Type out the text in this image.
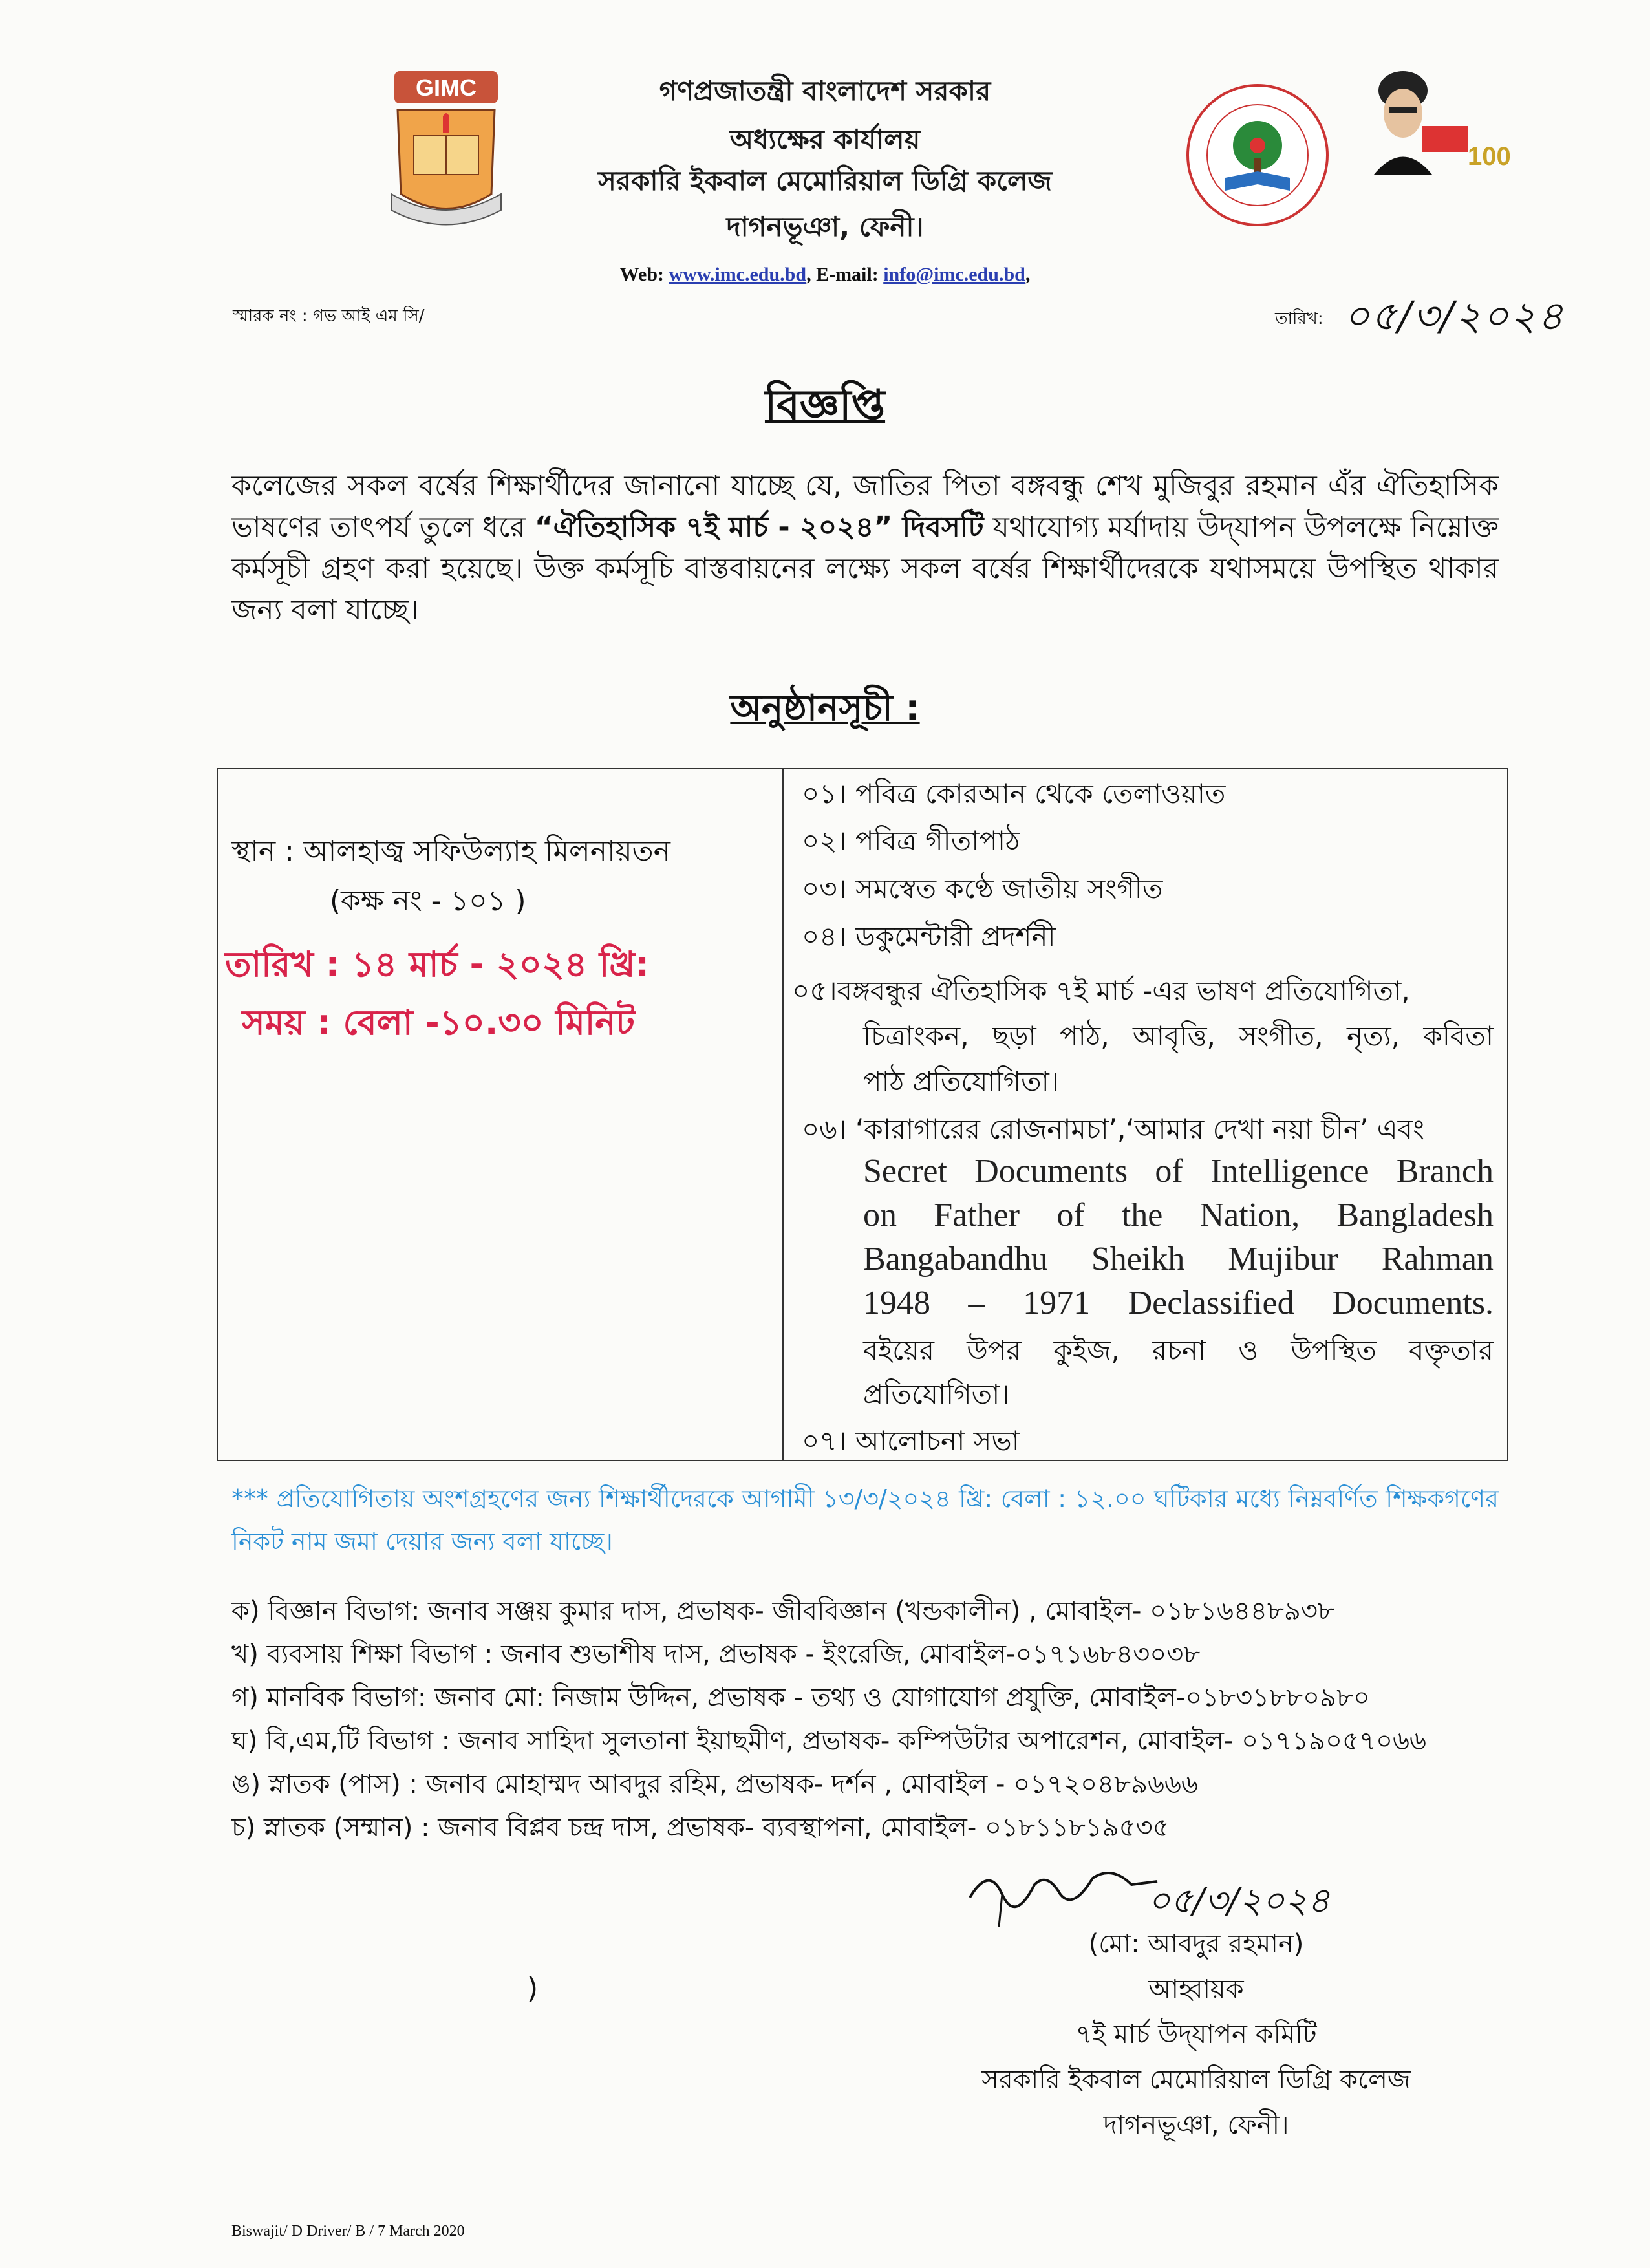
GIMC
100
গণপ্রজাতন্ত্রী বাংলাদেশ সরকার
অধ্যক্ষের কার্যালয়
সরকারি ইকবাল মেমোরিয়াল ডিগ্রি কলেজ
দাগনভূঞা, ফেনী।
Web: www.imc.edu.bd, E-mail: info@imc.edu.bd,
স্মারক নং : গভ আই এম সি/	তারিখ: ০৫/৩/২০২৪
বিজ্ঞপ্তি
কলেজের সকল বর্ষের শিক্ষার্থীদের জানানো যাচ্ছে যে, জাতির পিতা বঙ্গবন্ধু শেখ মুজিবুর রহমান এঁর ঐতিহাসিক ভাষণের তাৎপর্য তুলে ধরে “ঐতিহাসিক ৭ই মার্চ - ২০২৪” দিবসটি যথাযোগ্য মর্যাদায় উদ্‌যাপন উপলক্ষে নিম্নোক্ত কর্মসূচী গ্রহণ করা হয়েছে। উক্ত কর্মসূচি বাস্তবায়নের লক্ষ্যে সকল বর্ষের শিক্ষার্থীদেরকে যথাসময়ে উপস্থিত থাকার জন্য বলা যাচ্ছে।
অনুষ্ঠানসূচী :
স্থান : আলহাজ্ব সফিউল্যাহ মিলনায়তন
(কক্ষ নং - ১০১ )
তারিখ : ১৪ মার্চ - ২০২৪ খ্রি:
সময় : বেলা -১০.৩০ মিনিট
০১। পবিত্র কোরআন থেকে তেলাওয়াত
০২। পবিত্র গীতাপাঠ
০৩। সমস্বেত কণ্ঠে জাতীয় সংগীত
০৪। ডকুমেন্টারী প্রদর্শনী
০৫।বঙ্গবন্ধুর ঐতিহাসিক ৭ই মার্চ -এর ভাষণ প্রতিযোগিতা,
চিত্রাংকন, ছড়া পাঠ, আবৃত্তি, সংগীত, নৃত্য, কবিতা
পাঠ প্রতিযোগিতা।
০৬। ‘কারাগারের রোজনামচা’,‘আমার দেখা নয়া চীন’ এবং
Secret Documents of Intelligence Branch
on Father of the Nation, Bangladesh
Bangabandhu Sheikh Mujibur Rahman
1948 – 1971 Declassified Documents.
বইয়ের উপর কুইজ, রচনা ও উপস্থিত বক্তৃতার
প্রতিযোগিতা।
০৭। আলোচনা সভা
*** প্রতিযোগিতায় অংশগ্রহণের জন্য শিক্ষার্থীদেরকে আগামী ১৩/৩/২০২৪ খ্রি: বেলা : ১২.০০ ঘটিকার মধ্যে নিম্নবর্ণিত শিক্ষকগণের নিকট নাম জমা দেয়ার জন্য বলা যাচ্ছে।
ক) বিজ্ঞান বিভাগ: জনাব সঞ্জয় কুমার দাস, প্রভাষক- জীববিজ্ঞান (খন্ডকালীন) , মোবাইল- ০১৮১৬৪৪৮৯৩৮
খ) ব্যবসায় শিক্ষা বিভাগ : জনাব শুভাশীষ দাস, প্রভাষক - ইংরেজি, মোবাইল-০১৭১৬৮৪৩০৩৮
গ) মানবিক বিভাগ: জনাব মো: নিজাম উদ্দিন, প্রভাষক - তথ্য ও যোগাযোগ প্রযুক্তি, মোবাইল-০১৮৩১৮৮০৯৮০
ঘ) বি,এম,টি বিভাগ : জনাব সাহিদা সুলতানা ইয়াছমীণ, প্রভাষক- কম্পিউটার অপারেশন, মোবাইল- ০১৭১৯০৫৭০৬৬
ঙ) স্নাতক (পাস) : জনাব মোহাম্মদ আবদুর রহিম, প্রভাষক- দর্শন , মোবাইল - ০১৭২০৪৮৯৬৬৬
চ) স্নাতক (সম্মান) : জনাব বিপ্লব চন্দ্র দাস, প্রভাষক- ব্যবস্থাপনা, মোবাইল- ০১৮১১৮১৯৫৩৫
০৫/৩/২০২৪
(মো: আবদুর রহমান)
আহ্বায়ক
৭ই মার্চ উদ্‌যাপন কমিটি
সরকারি ইকবাল মেমোরিয়াল ডিগ্রি কলেজ
দাগনভূঞা, ফেনী।
)
Biswajit/ D Driver/ B / 7 March 2020
